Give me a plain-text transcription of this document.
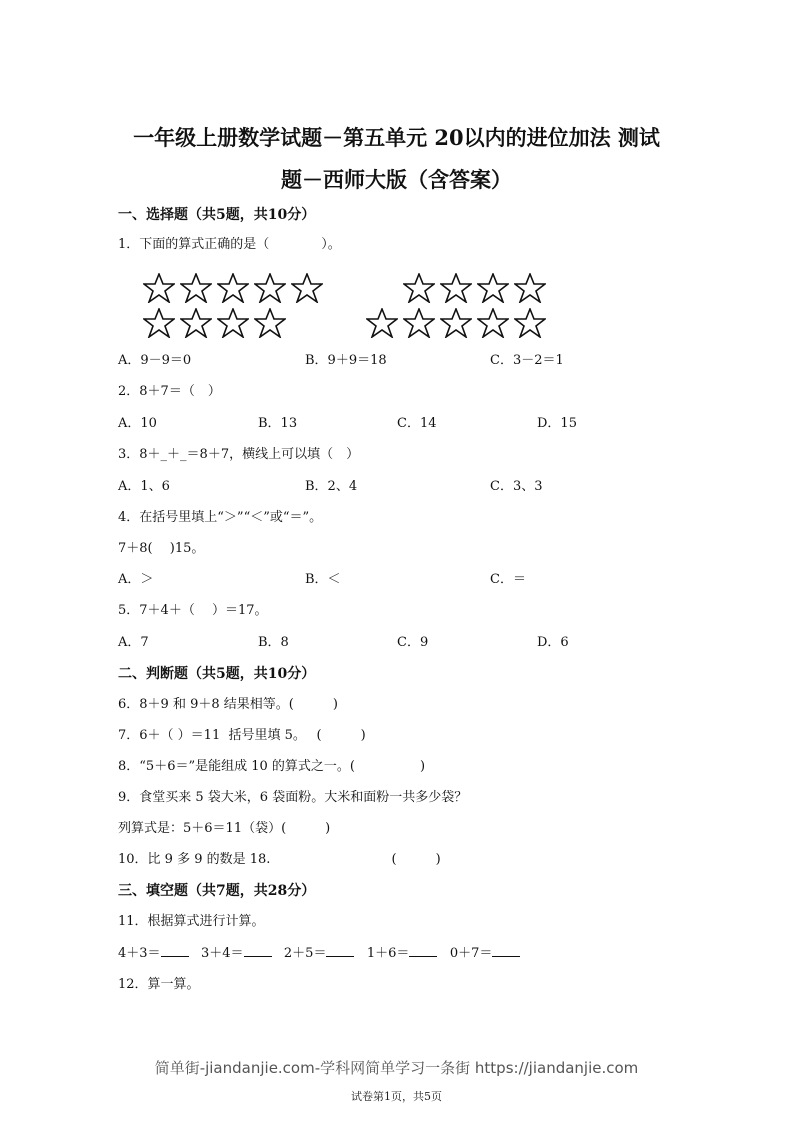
一年级上册数学试题－第五单元 20以内的进位加法 测试
题－西师大版（含答案）
一、选择题（共5题，共10分）
1．下面的算式正确的是（　　　　）。
A．9－9＝0	B．9＋9＝18	C．3－2＝1
2．8＋7＝（　）
A．10	B．13	C．14	D．15
3．8＋_＋_＝8＋7，横线上可以填（　）
A．1、6	B．2、4	C．3、3
4．在括号里填上“＞”“＜”或“＝”。
7＋8(　 )15。
A．＞	B．＜	C．＝
5．7＋4＋（　 ）＝17。
A．7	B．8	C．9	D．6
二、判断题（共5题，共10分）
6．8＋9 和 9＋8 结果相等。(　　　)
7．6＋（ ）＝11  括号里填 5。　 (　　　)
8．“5＋6＝”是能组成 10 的算式之一。(　　　　　)
9．食堂买来 5 袋大米，6 袋面粉。大米和面粉一共多少袋？
列算式是：5＋6＝11（袋）(　　　)
10．比 9 多 9 的数是 18.　　　　　　　　　 (　　　)
三、填空题（共7题，共28分）
11．根据算式进行计算。
4＋3＝	3＋4＝	2＋5＝	1＋6＝	0＋7＝
12．算一算。
简单街-jiandanjie.com-学科网简单学习一条街 https://jiandanjie.com
试卷第1页，共5页
